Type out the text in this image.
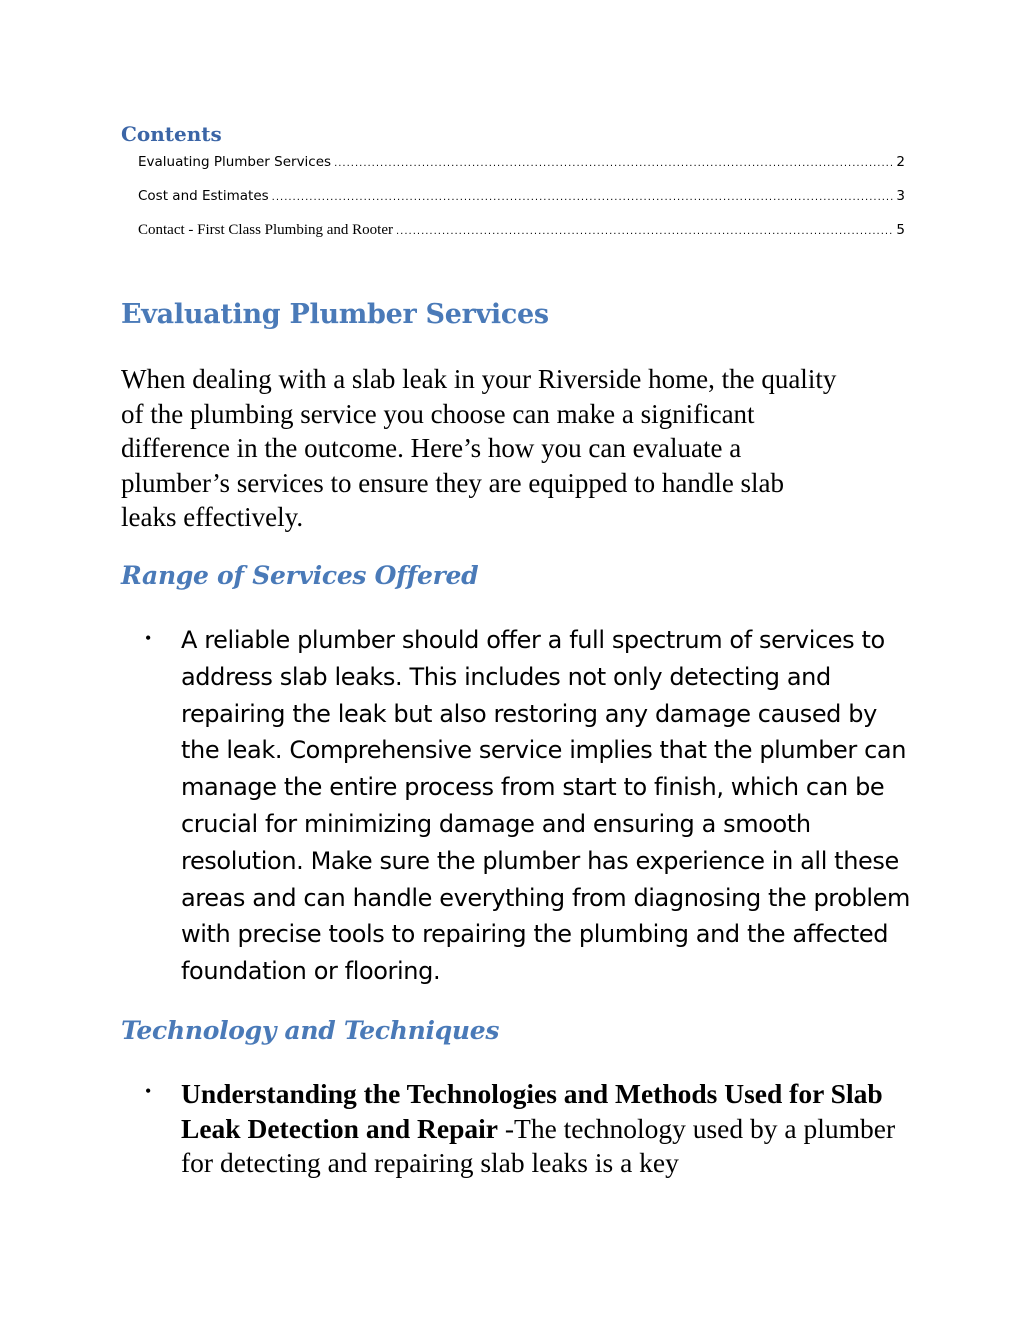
Contents
Evaluating Plumber Services .....	2
Cost and Estimates .....	3
Contact - First Class Plumbing and Rooter .....	5
Evaluating Plumber Services

When dealing with a slab leak in your Riverside home, the quality of the plumbing service you choose can make a significant difference in the outcome. Here’s how you can evaluate a plumber’s services to ensure they are equipped to handle slab leaks effectively.

Range of Services Offered
•	A reliable plumber should offer a full spectrum of services to address slab leaks. This includes not only detecting and repairing the leak but also restoring any damage caused by the leak. Comprehensive service implies that the plumber can manage the entire process from start to finish, which can be crucial for minimizing damage and ensuring a smooth resolution. Make sure the plumber has experience in all these areas and can handle everything from diagnosing the problem with precise tools to repairing the plumbing and the affected foundation or flooring.

Technology and Techniques
•	Understanding the Technologies and Methods Used for Slab Leak Detection and Repair -The technology used by a plumber for detecting and repairing slab leaks is a key
